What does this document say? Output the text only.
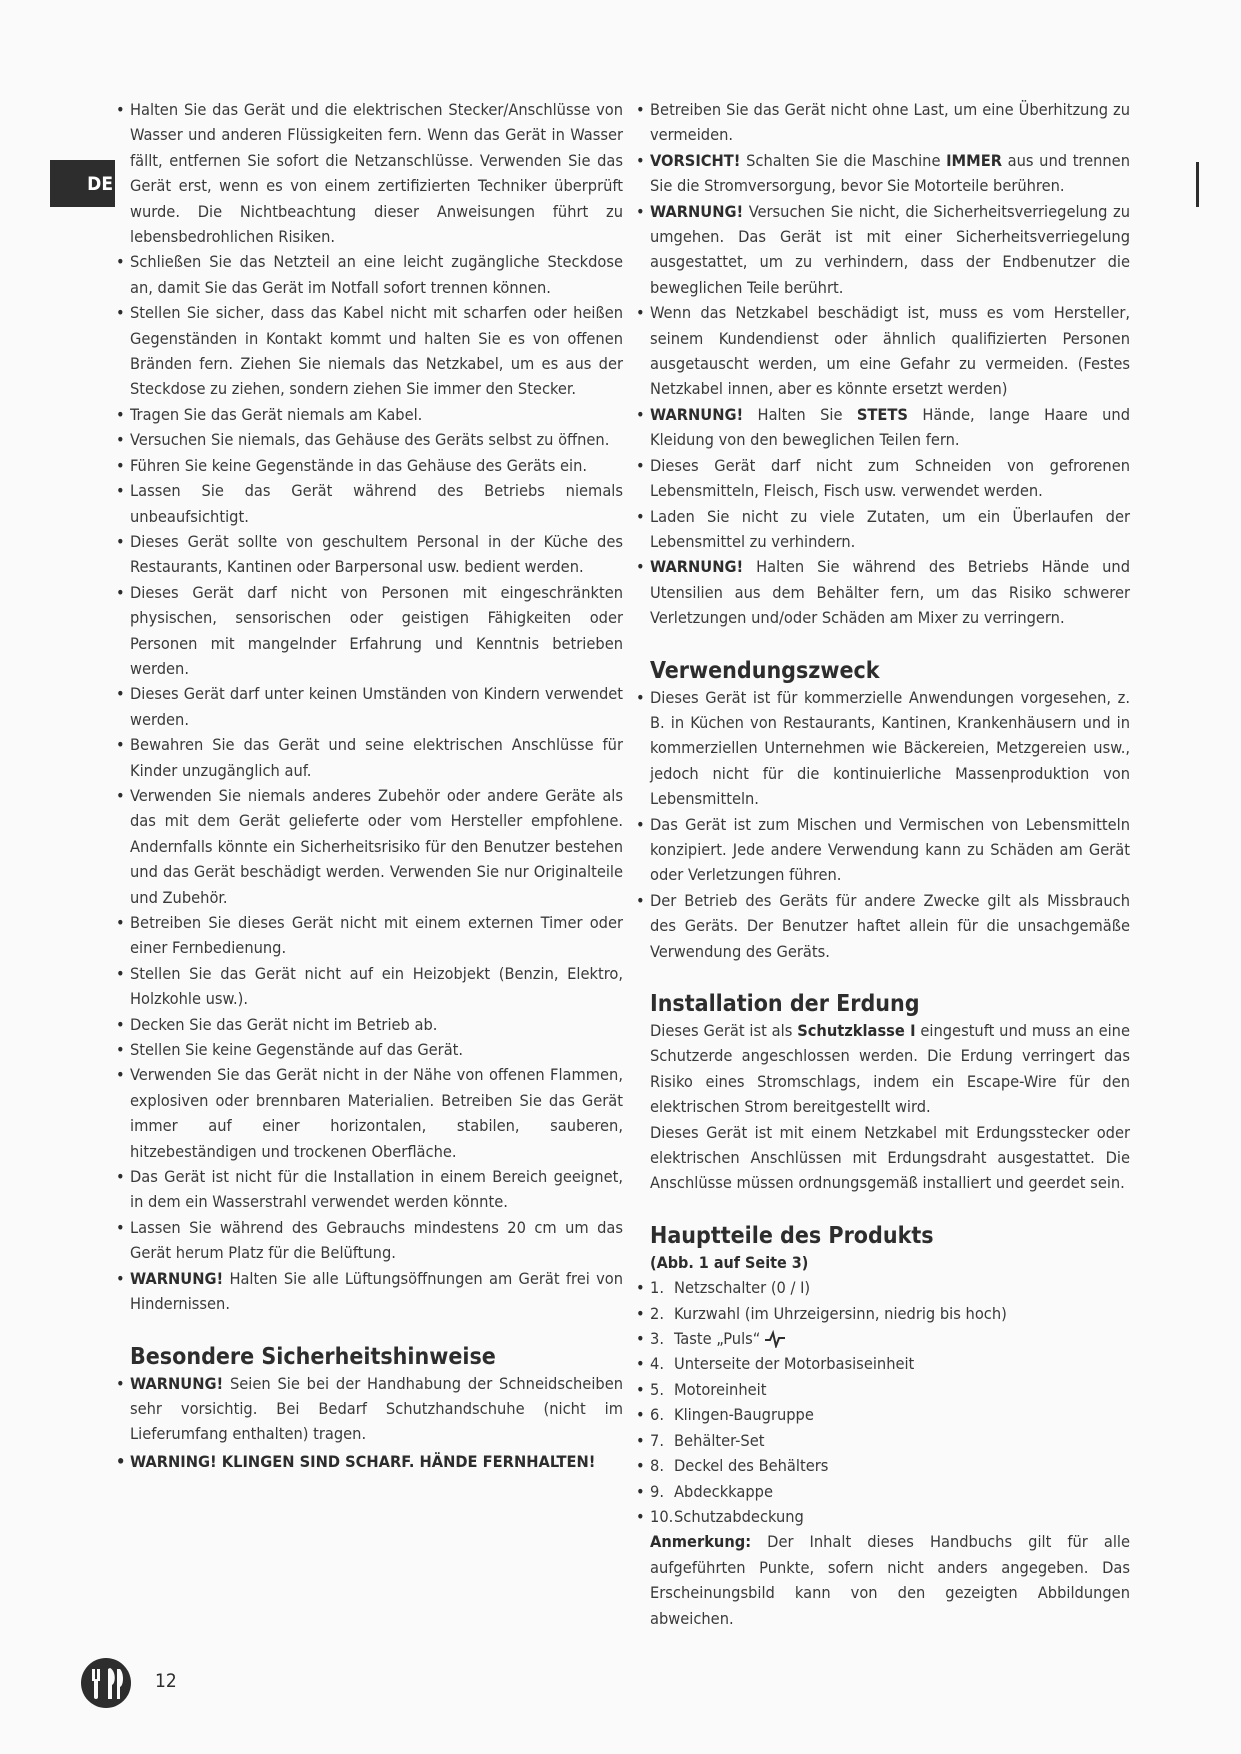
DE
• Halten Sie das Gerät und die elektrischen Stecker/Anschlüsse von Wasser und anderen Flüssigkeiten fern. Wenn das Gerät in Wasser fällt, entfernen Sie sofort die Netzanschlüsse. Verwenden Sie das Gerät erst, wenn es von einem zertifizierten Techniker überprüft wurde. Die Nichtbeachtung dieser Anweisungen führt zu lebensbedrohlichen Risiken.
• Schließen Sie das Netzteil an eine leicht zugängliche Steckdose an, damit Sie das Gerät im Notfall sofort trennen können.
• Stellen Sie sicher, dass das Kabel nicht mit scharfen oder heißen Gegenständen in Kontakt kommt und halten Sie es von offenen Bränden fern. Ziehen Sie niemals das Netzkabel, um es aus der Steckdose zu ziehen, sondern ziehen Sie immer den Stecker.
• Tragen Sie das Gerät niemals am Kabel.
• Versuchen Sie niemals, das Gehäuse des Geräts selbst zu öffnen.
• Führen Sie keine Gegenstände in das Gehäuse des Geräts ein.
• Lassen Sie das Gerät während des Betriebs niemals unbeaufsichtigt.
• Dieses Gerät sollte von geschultem Personal in der Küche des Restaurants, Kantinen oder Barpersonal usw. bedient werden.
• Dieses Gerät darf nicht von Personen mit eingeschränkten physischen, sensorischen oder geistigen Fähigkeiten oder Personen mit mangelnder Erfahrung und Kenntnis betrieben werden.
• Dieses Gerät darf unter keinen Umständen von Kindern verwendet werden.
• Bewahren Sie das Gerät und seine elektrischen Anschlüsse für Kinder unzugänglich auf.
• Verwenden Sie niemals anderes Zubehör oder andere Geräte als das mit dem Gerät gelieferte oder vom Hersteller empfohlene. Andernfalls könnte ein Sicherheitsrisiko für den Benutzer bestehen und das Gerät beschädigt werden. Verwenden Sie nur Originalteile und Zubehör.
• Betreiben Sie dieses Gerät nicht mit einem externen Timer oder einer Fernbedienung.
• Stellen Sie das Gerät nicht auf ein Heizobjekt (Benzin, Elektro, Holzkohle usw.).
• Decken Sie das Gerät nicht im Betrieb ab.
• Stellen Sie keine Gegenstände auf das Gerät.
• Verwenden Sie das Gerät nicht in der Nähe von offenen Flammen, explosiven oder brennbaren Materialien. Betreiben Sie das Gerät immer auf einer horizontalen, stabilen, sauberen, hitzebeständigen und trockenen Oberfläche.
• Das Gerät ist nicht für die Installation in einem Bereich geeignet, in dem ein Wasserstrahl verwendet werden könnte.
• Lassen Sie während des Gebrauchs mindestens 20 cm um das Gerät herum Platz für die Belüftung.
• WARNUNG! Halten Sie alle Lüftungsöffnungen am Gerät frei von Hindernissen.
Besondere Sicherheitshinweise
• WARNUNG! Seien Sie bei der Handhabung der Schneidscheiben sehr vorsichtig. Bei Bedarf Schutzhandschuhe (nicht im Lieferumfang enthalten) tragen.
• WARNING! KLINGEN SIND SCHARF. HÄNDE FERNHALTEN!
• Betreiben Sie das Gerät nicht ohne Last, um eine Überhitzung zu vermeiden.
• VORSICHT! Schalten Sie die Maschine IMMER aus und trennen Sie die Stromversorgung, bevor Sie Motorteile berühren.
• WARNUNG! Versuchen Sie nicht, die Sicherheitsverriegelung zu umgehen. Das Gerät ist mit einer Sicherheitsverriegelung ausgestattet, um zu verhindern, dass der Endbenutzer die beweglichen Teile berührt.
• Wenn das Netzkabel beschädigt ist, muss es vom Hersteller, seinem Kundendienst oder ähnlich qualifizierten Personen ausgetauscht werden, um eine Gefahr zu vermeiden. (Festes Netzkabel innen, aber es könnte ersetzt werden)
• WARNUNG! Halten Sie STETS Hände, lange Haare und Kleidung von den beweglichen Teilen fern.
• Dieses Gerät darf nicht zum Schneiden von gefrorenen Lebensmitteln, Fleisch, Fisch usw. verwendet werden.
• Laden Sie nicht zu viele Zutaten, um ein Überlaufen der Lebensmittel zu verhindern.
• WARNUNG! Halten Sie während des Betriebs Hände und Utensilien aus dem Behälter fern, um das Risiko schwerer Verletzungen und/oder Schäden am Mixer zu verringern.
Verwendungszweck
• Dieses Gerät ist für kommerzielle Anwendungen vorgesehen, z. B. in Küchen von Restaurants, Kantinen, Krankenhäusern und in kommerziellen Unternehmen wie Bäckereien, Metzgereien usw., jedoch nicht für die kontinuierliche Massenproduktion von Lebensmitteln.
• Das Gerät ist zum Mischen und Vermischen von Lebensmitteln konzipiert. Jede andere Verwendung kann zu Schäden am Gerät oder Verletzungen führen.
• Der Betrieb des Geräts für andere Zwecke gilt als Missbrauch des Geräts. Der Benutzer haftet allein für die unsachgemäße Verwendung des Geräts.
Installation der Erdung

Dieses Gerät ist als Schutzklasse I eingestuft und muss an eine Schutzerde angeschlossen werden. Die Erdung verringert das Risiko eines Stromschlags, indem ein Escape-Wire für den elektrischen Strom bereitgestellt wird.

Dieses Gerät ist mit einem Netzkabel mit Erdungsstecker oder elektrischen Anschlüssen mit Erdungsdraht ausgestattet. Die Anschlüsse müssen ordnungsgemäß installiert und geerdet sein.

Hauptteile des Produkts
(Abb. 1 auf Seite 3)
• 1. Netzschalter (0 / I)
• 2. Kurzwahl (im Uhrzeigersinn, niedrig bis hoch)
• 3. Taste „Puls“
• 4. Unterseite der Motorbasiseinheit
• 5. Motoreinheit
• 6. Klingen-Baugruppe
• 7. Behälter-Set
• 8. Deckel des Behälters
• 9. Abdeckkappe
• 10. Schutzabdeckung

Anmerkung: Der Inhalt dieses Handbuchs gilt für alle aufgeführten Punkte, sofern nicht anders angegeben. Das Erscheinungsbild kann von den gezeigten Abbildungen abweichen.

12
